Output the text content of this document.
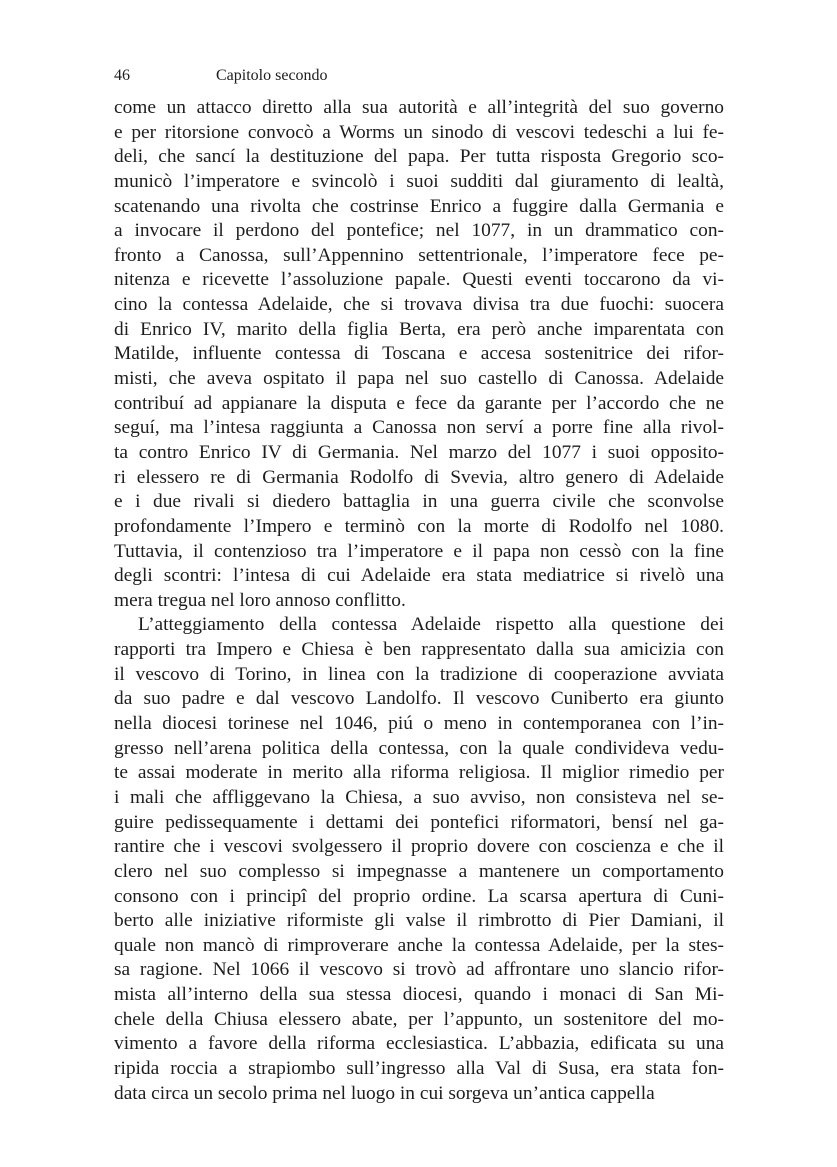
46	Capitolo secondo
come un attacco diretto alla sua autorità e all’integrità del suo governo
e per ritorsione convocò a Worms un sinodo di vescovi tedeschi a lui fe-
deli, che sancí la destituzione del papa. Per tutta risposta Gregorio sco-
municò l’imperatore e svincolò i suoi sudditi dal giuramento di lealtà,
scatenando una rivolta che costrinse Enrico a fuggire dalla Germania e
a invocare il perdono del pontefice; nel 1077, in un drammatico con-
fronto a Canossa, sull’Appennino settentrionale, l’imperatore fece pe-
nitenza e ricevette l’assoluzione papale. Questi eventi toccarono da vi-
cino la contessa Adelaide, che si trovava divisa tra due fuochi: suocera
di Enrico IV, marito della figlia Berta, era però anche imparentata con
Matilde, influente contessa di Toscana e accesa sostenitrice dei rifor-
misti, che aveva ospitato il papa nel suo castello di Canossa. Adelaide
contribuí ad appianare la disputa e fece da garante per l’accordo che ne
seguí, ma l’intesa raggiunta a Canossa non serví a porre fine alla rivol-
ta contro Enrico IV di Germania. Nel marzo del 1077 i suoi opposito-
ri elessero re di Germania Rodolfo di Svevia, altro genero di Adelaide
e i due rivali si diedero battaglia in una guerra civile che sconvolse
profondamente l’Impero e terminò con la morte di Rodolfo nel 1080.
Tuttavia, il contenzioso tra l’imperatore e il papa non cessò con la fine
degli scontri: l’intesa di cui Adelaide era stata mediatrice si rivelò una
mera tregua nel loro annoso conflitto.
L’atteggiamento della contessa Adelaide rispetto alla questione dei
rapporti tra Impero e Chiesa è ben rappresentato dalla sua amicizia con
il vescovo di Torino, in linea con la tradizione di cooperazione avviata
da suo padre e dal vescovo Landolfo. Il vescovo Cuniberto era giunto
nella diocesi torinese nel 1046, piú o meno in contemporanea con l’in-
gresso nell’arena politica della contessa, con la quale condivideva vedu-
te assai moderate in merito alla riforma religiosa. Il miglior rimedio per
i mali che affliggevano la Chiesa, a suo avviso, non consisteva nel se-
guire pedissequamente i dettami dei pontefici riformatori, bensí nel ga-
rantire che i vescovi svolgessero il proprio dovere con coscienza e che il
clero nel suo complesso si impegnasse a mantenere un comportamento
consono con i principî del proprio ordine. La scarsa apertura di Cuni-
berto alle iniziative riformiste gli valse il rimbrotto di Pier Damiani, il
quale non mancò di rimproverare anche la contessa Adelaide, per la stes-
sa ragione. Nel 1066 il vescovo si trovò ad affrontare uno slancio rifor-
mista all’interno della sua stessa diocesi, quando i monaci di San Mi-
chele della Chiusa elessero abate, per l’appunto, un sostenitore del mo-
vimento a favore della riforma ecclesiastica. L’abbazia, edificata su una
ripida roccia a strapiombo sull’ingresso alla Val di Susa, era stata fon-
data circa un secolo prima nel luogo in cui sorgeva un’antica cappella
